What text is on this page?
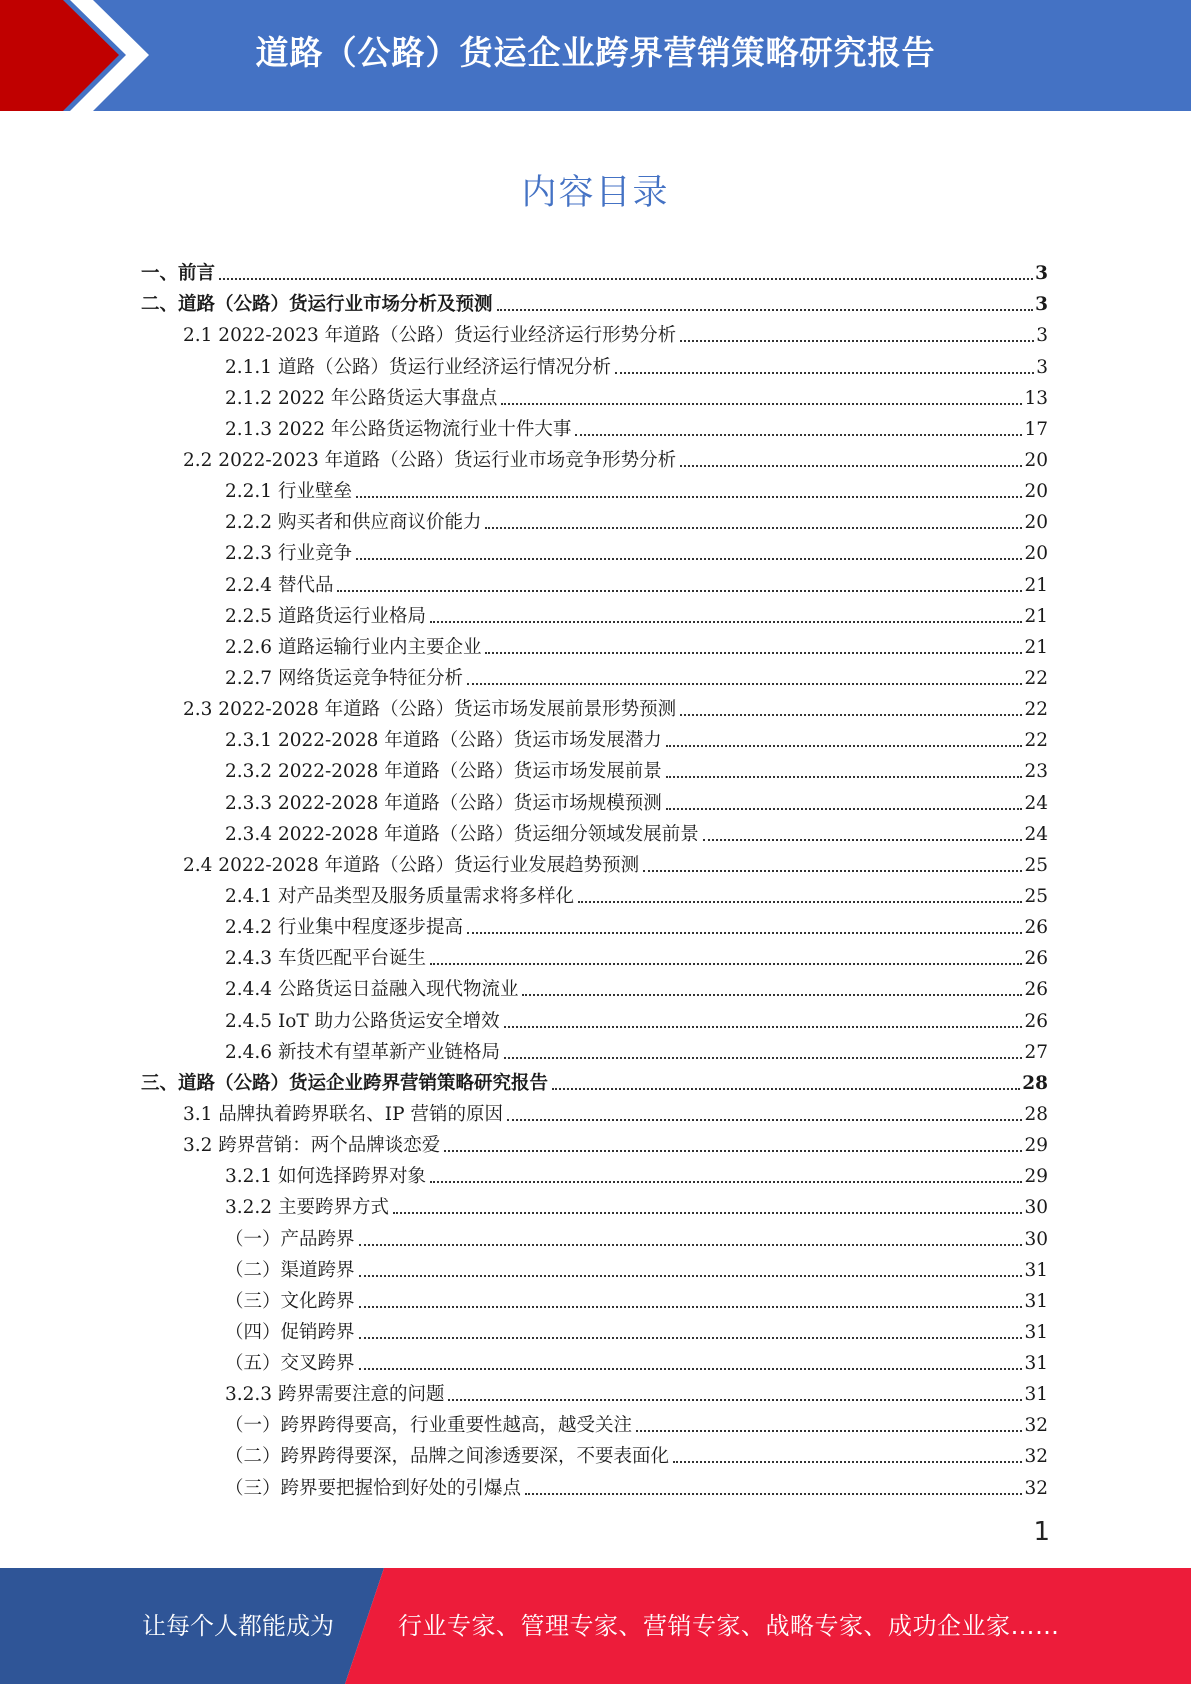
道路（公路）货运企业跨界营销策略研究报告
内容目录
一、前言	3
二、道路（公路）货运行业市场分析及预测	3
2.1 2022-2023 年道路（公路）货运行业经济运行形势分析	3
2.1.1 道路（公路）货运行业经济运行情况分析	3
2.1.2 2022 年公路货运大事盘点	13
2.1.3 2022 年公路货运物流行业十件大事	17
2.2 2022-2023 年道路（公路）货运行业市场竞争形势分析	20
2.2.1 行业壁垒	20
2.2.2 购买者和供应商议价能力	20
2.2.3 行业竞争	20
2.2.4 替代品	21
2.2.5 道路货运行业格局	21
2.2.6 道路运输行业内主要企业	21
2.2.7 网络货运竞争特征分析	22
2.3 2022-2028 年道路（公路）货运市场发展前景形势预测	22
2.3.1 2022-2028 年道路（公路）货运市场发展潜力	22
2.3.2 2022-2028 年道路（公路）货运市场发展前景	23
2.3.3 2022-2028 年道路（公路）货运市场规模预测	24
2.3.4 2022-2028 年道路（公路）货运细分领域发展前景	24
2.4 2022-2028 年道路（公路）货运行业发展趋势预测	25
2.4.1 对产品类型及服务质量需求将多样化	25
2.4.2 行业集中程度逐步提高	26
2.4.3 车货匹配平台诞生	26
2.4.4 公路货运日益融入现代物流业	26
2.4.5 IoT 助力公路货运安全增效	26
2.4.6 新技术有望革新产业链格局	27
三、道路（公路）货运企业跨界营销策略研究报告	28
3.1 品牌执着跨界联名、IP 营销的原因	28
3.2 跨界营销：两个品牌谈恋爱	29
3.2.1 如何选择跨界对象	29
3.2.2 主要跨界方式	30
（一）产品跨界	30
（二）渠道跨界	31
（三）文化跨界	31
（四）促销跨界	31
（五）交叉跨界	31
3.2.3 跨界需要注意的问题	31
（一）跨界跨得要高，行业重要性越高，越受关注	32
（二）跨界跨得要深，品牌之间渗透要深，不要表面化	32
（三）跨界要把握恰到好处的引爆点	32
1
让每个人都能成为	行业专家、管理专家、营销专家、战略专家、成功企业家……
